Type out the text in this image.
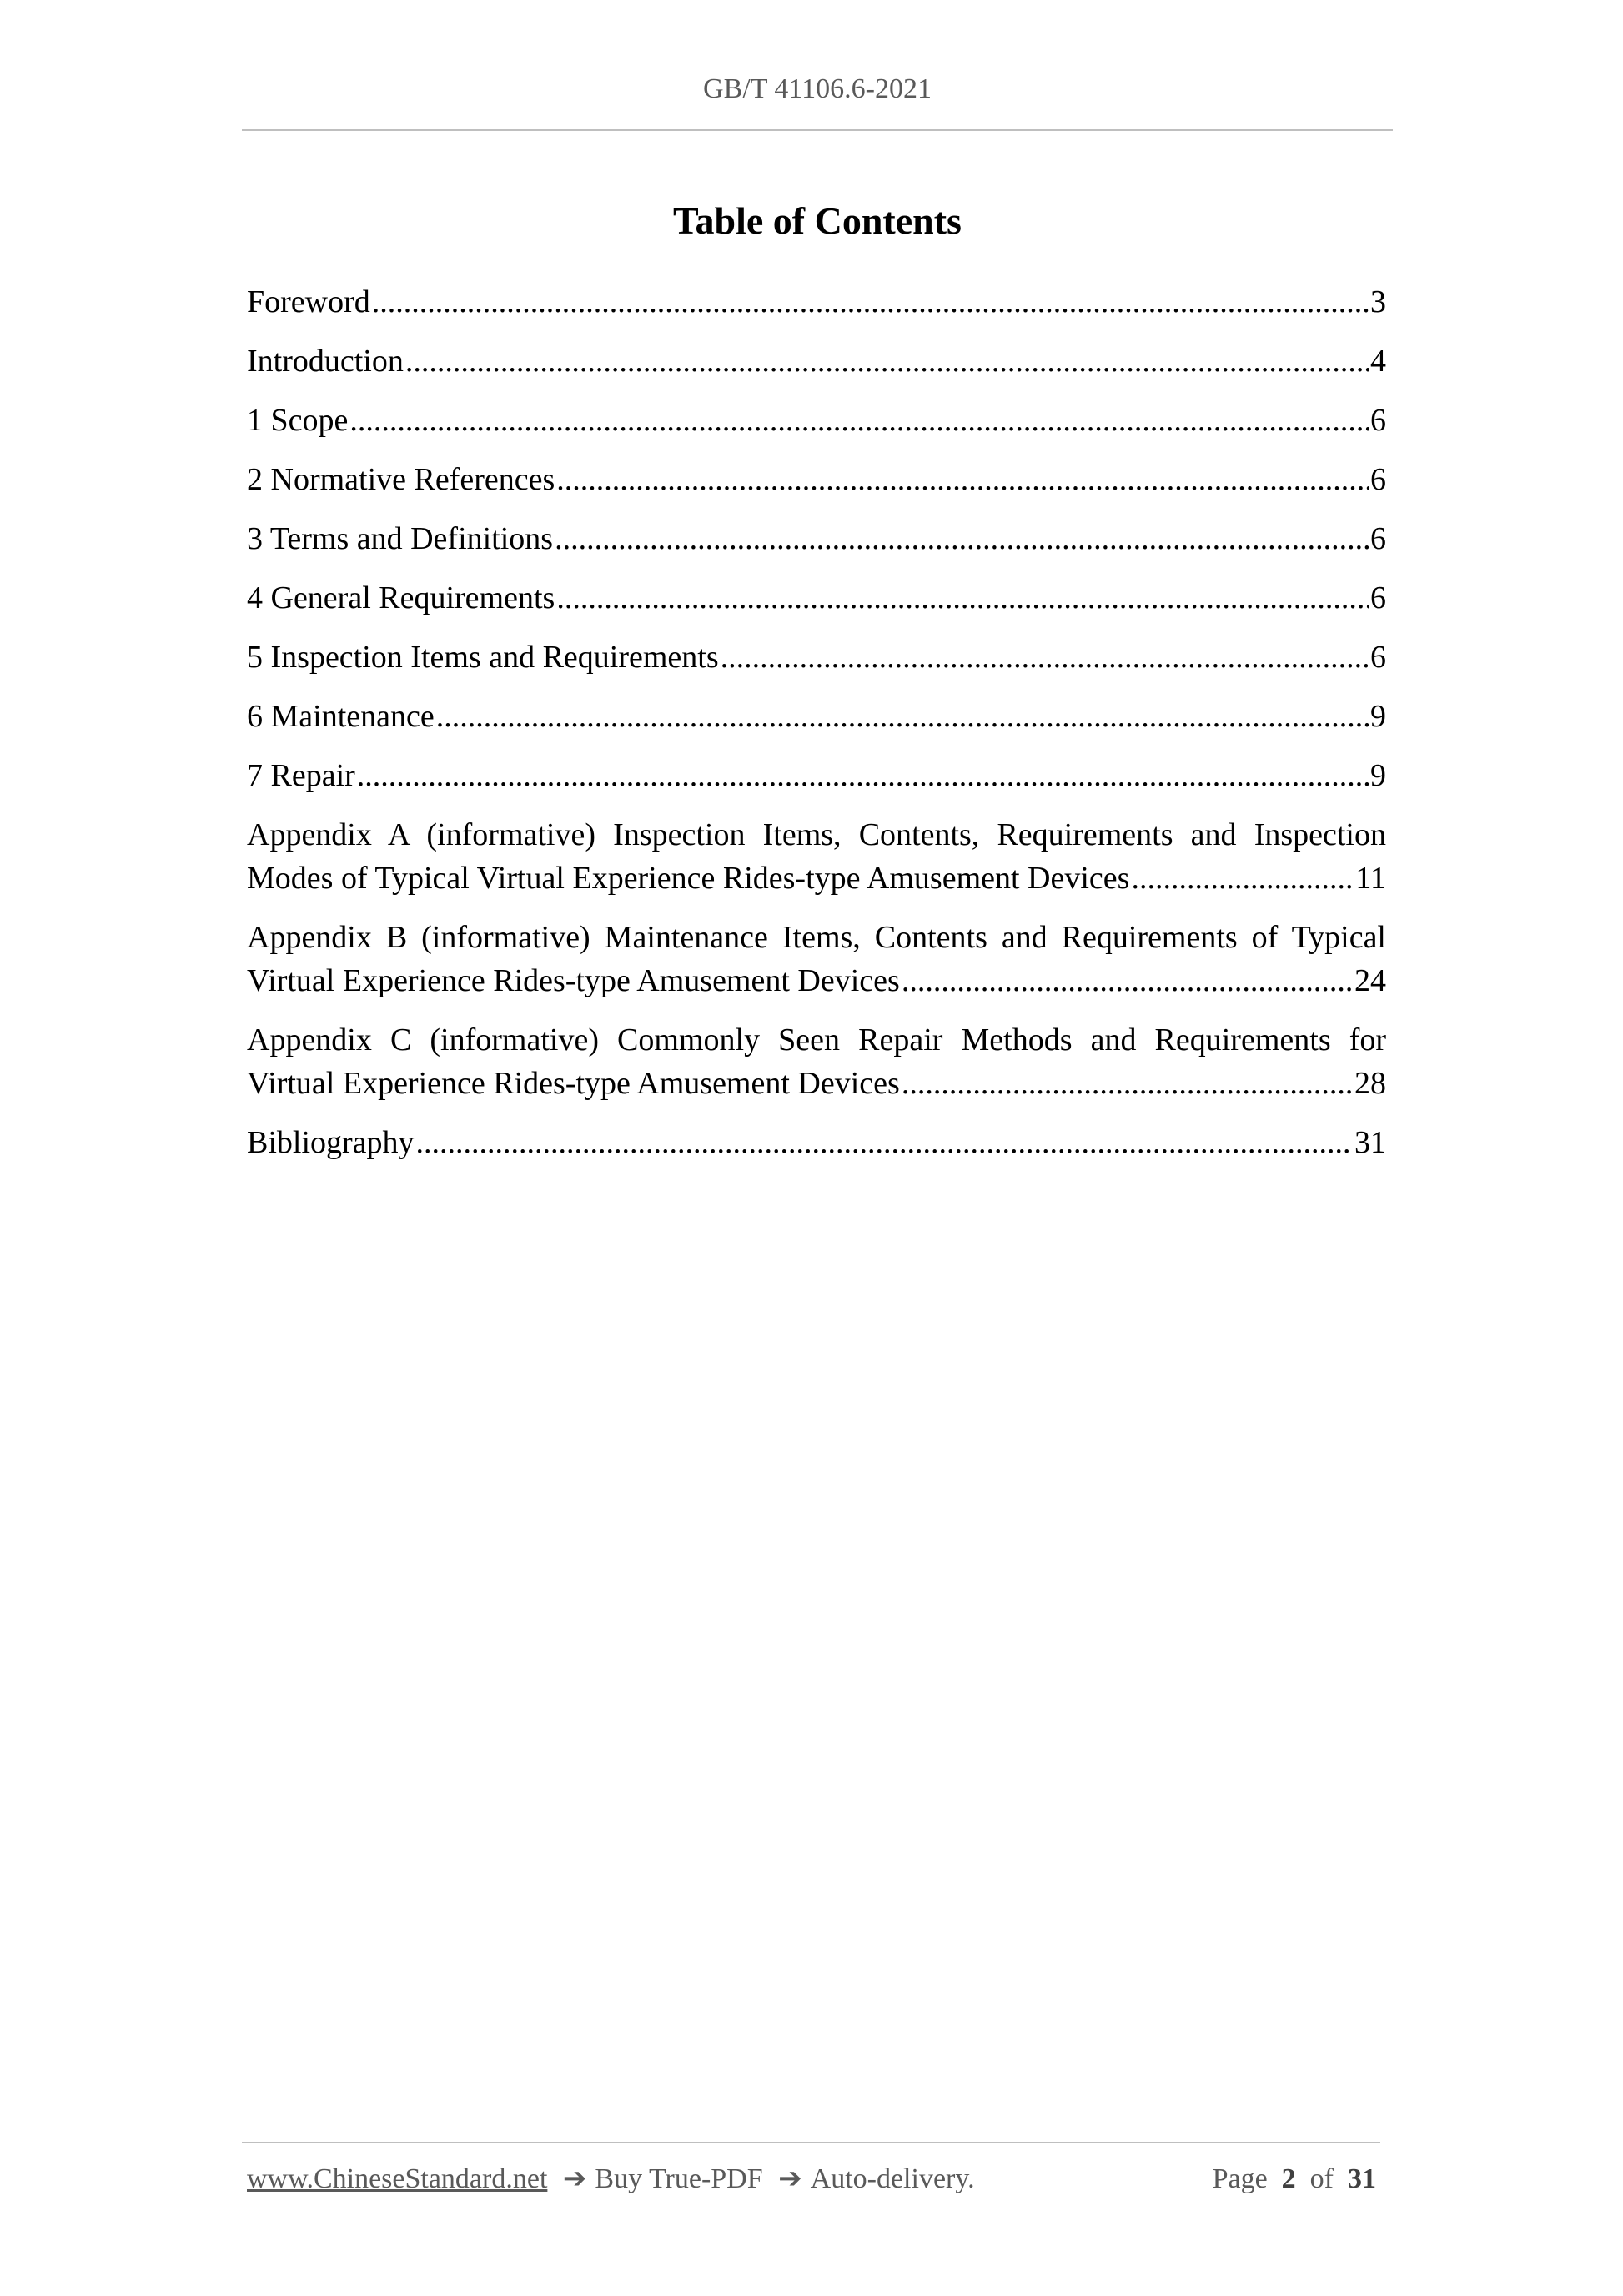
GB/T 41106.6-2021
Table of Contents
Foreword .....	3
Introduction .....	4
1 Scope .....	6
2 Normative References .....	6
3 Terms and Definitions .....	6
4 General Requirements .....	6
5 Inspection Items and Requirements .....	6
6 Maintenance .....	9
7 Repair .....	9
Appendix A (informative) Inspection Items, Contents, Requirements and Inspection
Modes of Typical Virtual Experience Rides-type Amusement Devices .....	11
Appendix B (informative) Maintenance Items, Contents and Requirements of Typical
Virtual Experience Rides-type Amusement Devices .....	24
Appendix C (informative) Commonly Seen Repair Methods and Requirements for
Virtual Experience Rides-type Amusement Devices .....	28
Bibliography .....	31
www.ChineseStandard.net ➔ Buy True-PDF ➔ Auto-delivery.	Page 2 of 31
